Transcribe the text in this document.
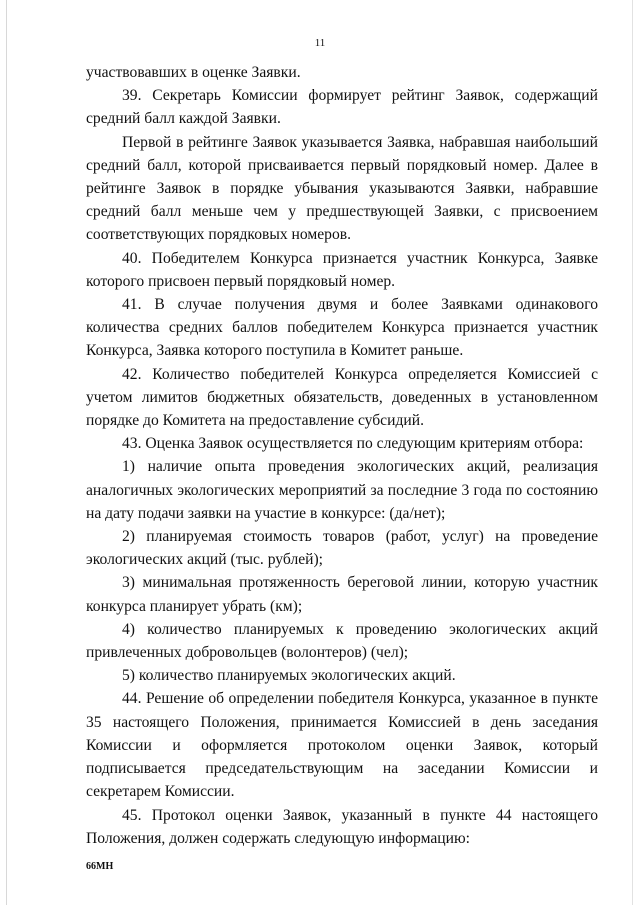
11

участвовавших в оценке Заявки.

39. Секретарь Комиссии формирует рейтинг Заявок, содержащий средний балл каждой Заявки.

Первой в рейтинге Заявок указывается Заявка, набравшая наибольший средний балл, которой присваивается первый порядковый номер. Далее в рейтинге Заявок в порядке убывания указываются Заявки, набравшие средний балл меньше чем у предшествующей Заявки, с присвоением соответствующих порядковых номеров.

40. Победителем Конкурса признается участник Конкурса, Заявке которого присвоен первый порядковый номер.

41. В случае получения двумя и более Заявками одинакового количества средних баллов победителем Конкурса признается участник Конкурса, Заявка которого поступила в Комитет раньше.

42. Количество победителей Конкурса определяется Комиссией с учетом лимитов бюджетных обязательств, доведенных в установленном порядке до Комитета на предоставление субсидий.

43. Оценка Заявок осуществляется по следующим критериям отбора:

1) наличие опыта проведения экологических акций, реализация аналогичных экологических мероприятий за последние 3 года по состоянию на дату подачи заявки на участие в конкурсе: (да/нет);

2) планируемая стоимость товаров (работ, услуг) на проведение экологических акций (тыс. рублей);

3) минимальная протяженность береговой линии, которую участник конкурса планирует убрать (км);

4) количество планируемых к проведению экологических акций привлеченных добровольцев (волонтеров) (чел);

5) количество планируемых экологических акций.

44. Решение об определении победителя Конкурса, указанное в пункте 35 настоящего Положения, принимается Комиссией в день заседания Комиссии и оформляется протоколом оценки Заявок, который подписывается председательствующим на заседании Комиссии и секретарем Комиссии.

45. Протокол оценки Заявок, указанный в пункте 44 настоящего Положения, должен содержать следующую информацию:

66МН
